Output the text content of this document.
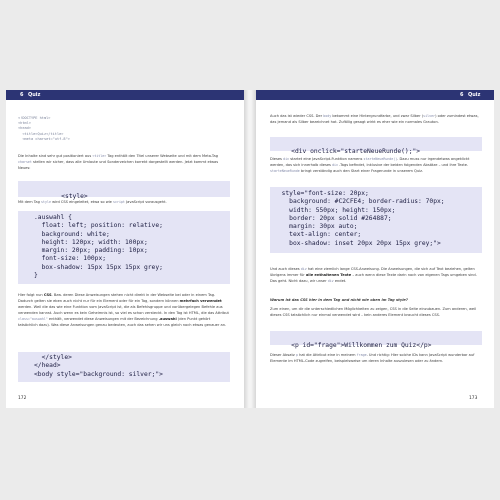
6 Quiz
<!DOCTYPE html>
<html>
<head>
<title>Quiz</title>
<meta charset="utf-8">

Die Inhalte sind sehr gut positioniert aus <title> Tag enthält den Titel unserer Webseite und mit dem Meta-Tag charset stellen wir sicher, dass alle Umlaute und Sonderzeichen korrekt dargestellt werden. Jetzt kommt etwas Neues:

<style>

Mit dem Tag style wird CSS eingeleitet, etwa so wie script JavaScript vorausgeht.

.auswahl {
float: left; position: relative;
background: white;
height: 120px; width: 100px;
margin: 20px; padding: 10px;
font-size: 100px;
box-shadow: 15px 15px 15px grey;
}

Hier folgt nun CSS. Bzw. deren Diese Anweisungen stehen nicht direkt in der Webseite bei oder in einem Tag. Dadurch gelten sie eben auch nicht nur für ein Element oder für ein Tag, sondern können mehrfach verwendet werden. Weil die das wie eine Funktion vom JavaScript ist, die als Befehlsgruppe und vorübergelegen Befehle aus verwenden kannst. Auch wenn es kein Geheimnis ist, so viel es schon versteckt. In den Tag ist HTML, die das Attribut class="auswahl" enthält, verwendet diese Anweisungen mit der Bezeichnung .auswahl (den Punkt gehört tatsächlich dazu). Was diese Anweisungen genau bedeuten, auch das sehen wir uns gleich noch etwas genauer an.

</style>
</head>
<body style="background: silver;">
172
6 Quiz

Auch das ist wieder CSS. Der body bekommt eine Hintergrundfarbe, und zwar Silber (silver) oder zumindest etwas, das jemand als Silber bezeichnet hat. Zufällig gesagt wirkt es eher wie ein normales Grauton.

<div onclick="starteNeueRunde();">

Dieses div startet eine JavaScript-Funktion namens starteNeueRunde(). Dazu muss nur irgendetwas angeklickt werden, das sich innerhalb dieses div -Tags befindet, inklusive der beiden folgenden Absätze – und ihre Texte. starteNeueRunde bringt verständig auch den Start einer Fragerunde in unserem Quiz.

style="font-size: 20px;
background: #C2CFE4; border-radius: 70px;
width: 550px; height: 150px;
border: 20px solid #264887;
margin: 30px auto;
text-align: center;
box-shadow: inset 20px 20px 15px grey;">

Und auch dieses div hat eine ziemlich lange CSS-Anweisung. Die Anweisungen, die sich auf Text beziehen, gelten übrigens immer für alle enthaltenen Texte – auch wenn diese Texte darin noch von eigenen Tags umgeben sind. Das geht. Nicht dazu, wir unser div endet.

Warum ist das CSS hier in dem Tag und nicht wie oben im Tag style?

Zum einen, um dir die unterschiedlichen Möglichkeiten zu zeigen, CSS in die Seite einzubauen. Zum anderen, weil dieses CSS tatsächlich nur einmal verwendet wird – kein anderes Element braucht dieses CSS.

<p id="frage">Willkommen zum Quiz</p>

Dieser Absatz p hat die Attribut eine in meinem frage. Und richtig: Hier solche IDs kann JavaScript wunderbar auf Elemente im HTML-Code zugreifen, beispielsweise um deren Inhalte auszulesen oder zu ändern.

173
